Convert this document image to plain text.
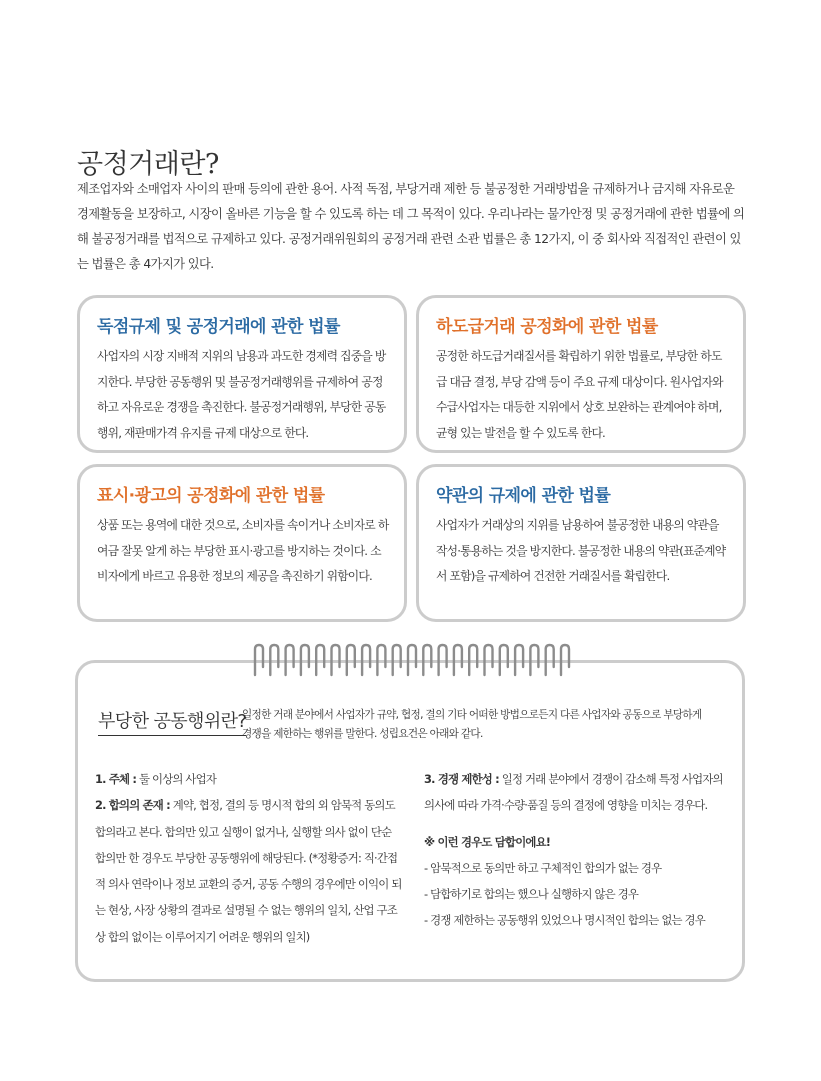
공정거래란?

제조업자와 소매업자 사이의 판매 등의에 관한 용어. 사적 독점, 부당거래 제한 등 불공정한 거래방법을 규제하거나 금지해 자유로운 경제활동을 보장하고, 시장이 올바른 기능을 할 수 있도록 하는 데 그 목적이 있다. 우리나라는 물가안정 및 공정거래에 관한 법률에 의해 불공정거래를 법적으로 규제하고 있다. 공정거래위원회의 공정거래 관련 소관 법률은 총 12가지, 이 중 회사와 직접적인 관련이 있는 법률은 총 4가지가 있다.

독점규제 및 공정거래에 관한 법률
사업자의 시장 지배적 지위의 남용과 과도한 경제력 집중을 방지한다. 부당한 공동행위 및 불공정거래행위를 규제하여 공정하고 자유로운 경쟁을 촉진한다. 불공정거래행위, 부당한 공동 행위, 재판매가격 유지를 규제 대상으로 한다.
하도급거래 공정화에 관한 법률
공정한 하도급거래질서를 확립하기 위한 법률로, 부당한 하도급 대금 결정, 부당 감액 등이 주요 규제 대상이다. 원사업자와 수급사업자는 대등한 지위에서 상호 보완하는 관계여야 하며, 균형 있는 발전을 할 수 있도록 한다.
표시·광고의 공정화에 관한 법률
상품 또는 용역에 대한 것으로, 소비자를 속이거나 소비자로 하여금 잘못 알게 하는 부당한 표시·광고를 방지하는 것이다. 소비자에게 바르고 유용한 정보의 제공을 촉진하기 위함이다.
약관의 규제에 관한 법률
사업자가 거래상의 지위를 남용하여 불공정한 내용의 약관을 작성·통용하는 것을 방지한다. 불공정한 내용의 약관(표준계약서 포함)을 규제하여 건전한 거래질서를 확립한다.
부당한 공동행위란?
일정한 거래 분야에서 사업자가 규약, 협정, 결의 기타 어떠한 방법으로든지 다른 사업자와 공동으로 부당하게 경쟁을 제한하는 행위를 말한다. 성립요건은 아래와 같다.

1. 주체 : 둘 이상의 사업자

2. 합의의 존재 : 계약, 협정, 결의 등 명시적 합의 외 암묵적 동의도 합의라고 본다. 합의만 있고 실행이 없거나, 실행할 의사 없이 단순 합의만 한 경우도 부당한 공동행위에 해당된다. (*정황증거: 직·간접적 의사 연락이나 정보 교환의 증거, 공동 수행의 경우에만 이익이 되는 현상, 사장 상황의 결과로 설명될 수 없는 행위의 일치, 산업 구조상 합의 없이는 이루어지기 어려운 행위의 일치)

3. 경쟁 제한성 : 일정 거래 분야에서 경쟁이 감소해 특정 사업자의 의사에 따라 가격·수량·품질 등의 결정에 영향을 미치는 경우다.

※ 이런 경우도 담합이에요!

- 암묵적으로 동의만 하고 구체적인 합의가 없는 경우

- 담합하기로 합의는 했으나 실행하지 않은 경우

- 경쟁 제한하는 공동행위 있었으나 명시적인 합의는 없는 경우
